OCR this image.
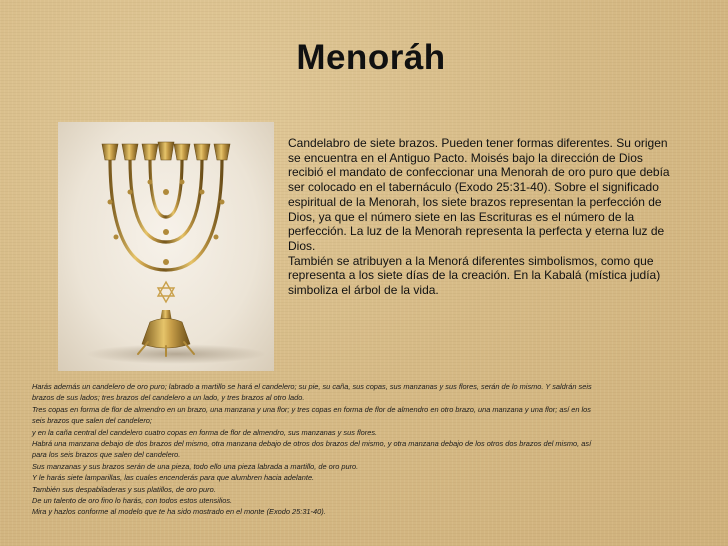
Menoráh

Candelabro de siete brazos. Pueden tener formas diferentes. Su origen se encuentra en el Antiguo Pacto. Moisés bajo la dirección de Dios recibió el mandato de confeccionar una Menorah de oro puro que debía ser colocado en el tabernáculo (Exodo 25:31-40). Sobre el significado espiritual de la Menorah, los siete brazos representan la perfección de Dios, ya que el número siete en las Escrituras es el número de la perfección. La luz de la Menorah representa la perfecta y eterna luz de Dios.

También se atribuyen a la Menorá diferentes simbolismos, como que representa a los siete días de la creación. En la Kabalá (mística judía) simboliza el árbol de la vida.

Harás además un candelero de oro puro; labrado a martillo se hará el candelero; su pie, su caña, sus copas, sus manzanas y sus flores, serán de lo mismo. Y saldrán seis

brazos de sus lados; tres brazos del candelero a un lado, y tres brazos al otro lado.

Tres copas en forma de flor de almendro en un brazo, una manzana y una flor; y tres copas en forma de flor de almendro en otro brazo, una manzana y una flor; así en los

seis brazos que salen del candelero;

y en la caña central del candelero cuatro copas en forma de flor de almendro, sus manzanas y sus flores.

Habrá una manzana debajo de dos brazos del mismo, otra manzana debajo de otros dos brazos del mismo, y otra manzana debajo de los otros dos brazos del mismo, así

para los seis brazos que salen del candelero.

Sus manzanas y sus brazos serán de una pieza, todo ello una pieza labrada a martillo, de oro puro.

Y le harás siete lamparillas, las cuales encenderás para que alumbren hacia adelante.

También sus despabiladeras y sus platillos, de oro puro.

De un talento de oro fino lo harás, con todos estos utensilios.

Mira y hazlos conforme al modelo que te ha sido mostrado en el monte (Exodo 25:31-40).
